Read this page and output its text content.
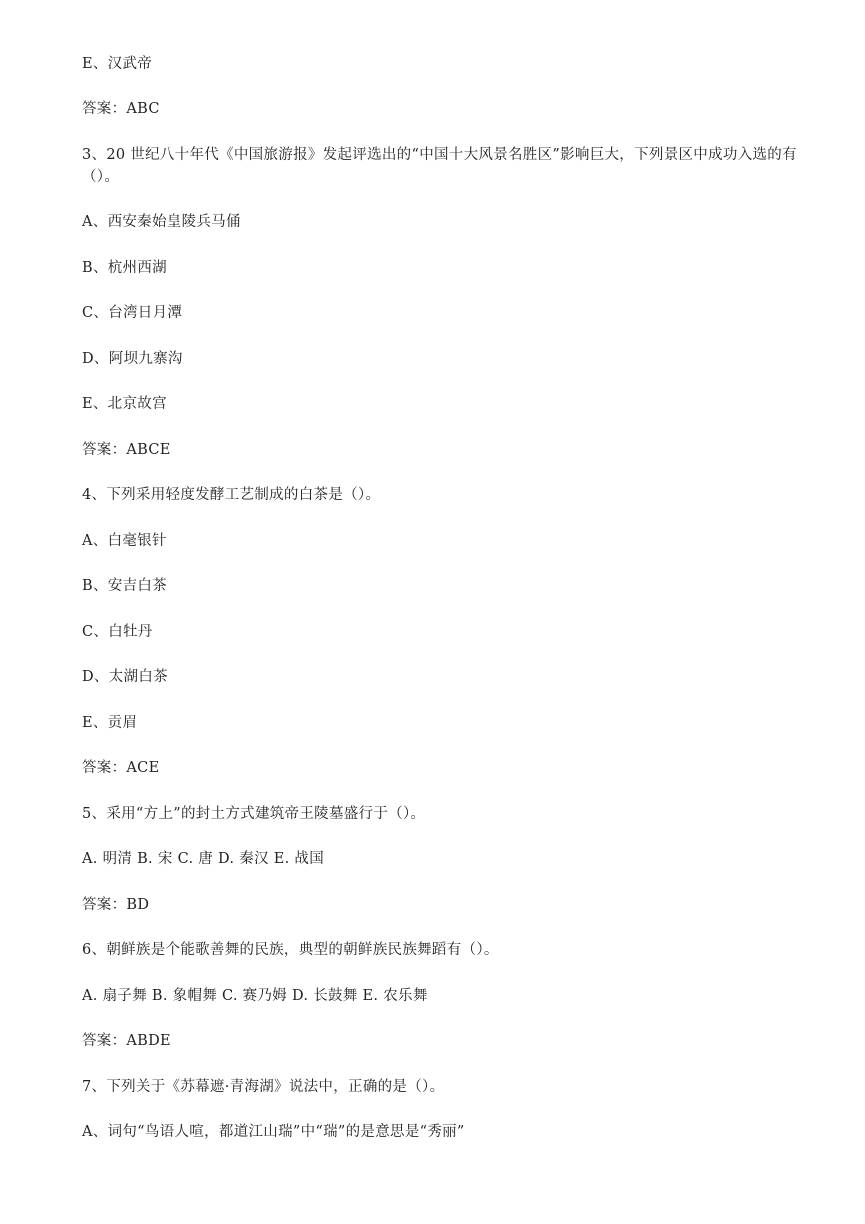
E、汉武帝
答案：ABC
3、20 世纪八十年代《中国旅游报》发起评选出的“中国十大风景名胜区”影响巨大，下列景区中成功入选的有（）。
A、西安秦始皇陵兵马俑
B、杭州西湖
C、台湾日月潭
D、阿坝九寨沟
E、北京故宫
答案：ABCE
4、下列采用轻度发酵工艺制成的白茶是（）。
A、白毫银针
B、安吉白茶
C、白牡丹
D、太湖白茶
E、贡眉
答案：ACE
5、采用“方上”的封土方式建筑帝王陵墓盛行于（）。
A. 明清 B. 宋 C. 唐 D. 秦汉 E. 战国
答案：BD
6、朝鲜族是个能歌善舞的民族，典型的朝鲜族民族舞蹈有（）。
A. 扇子舞 B. 象帽舞 C. 赛乃姆 D. 长鼓舞 E. 农乐舞
答案：ABDE
7、下列关于《苏幕遮·青海湖》说法中，正确的是（）。
A、词句“鸟语人喧，都道江山瑞”中“瑞”的是意思是“秀丽”
